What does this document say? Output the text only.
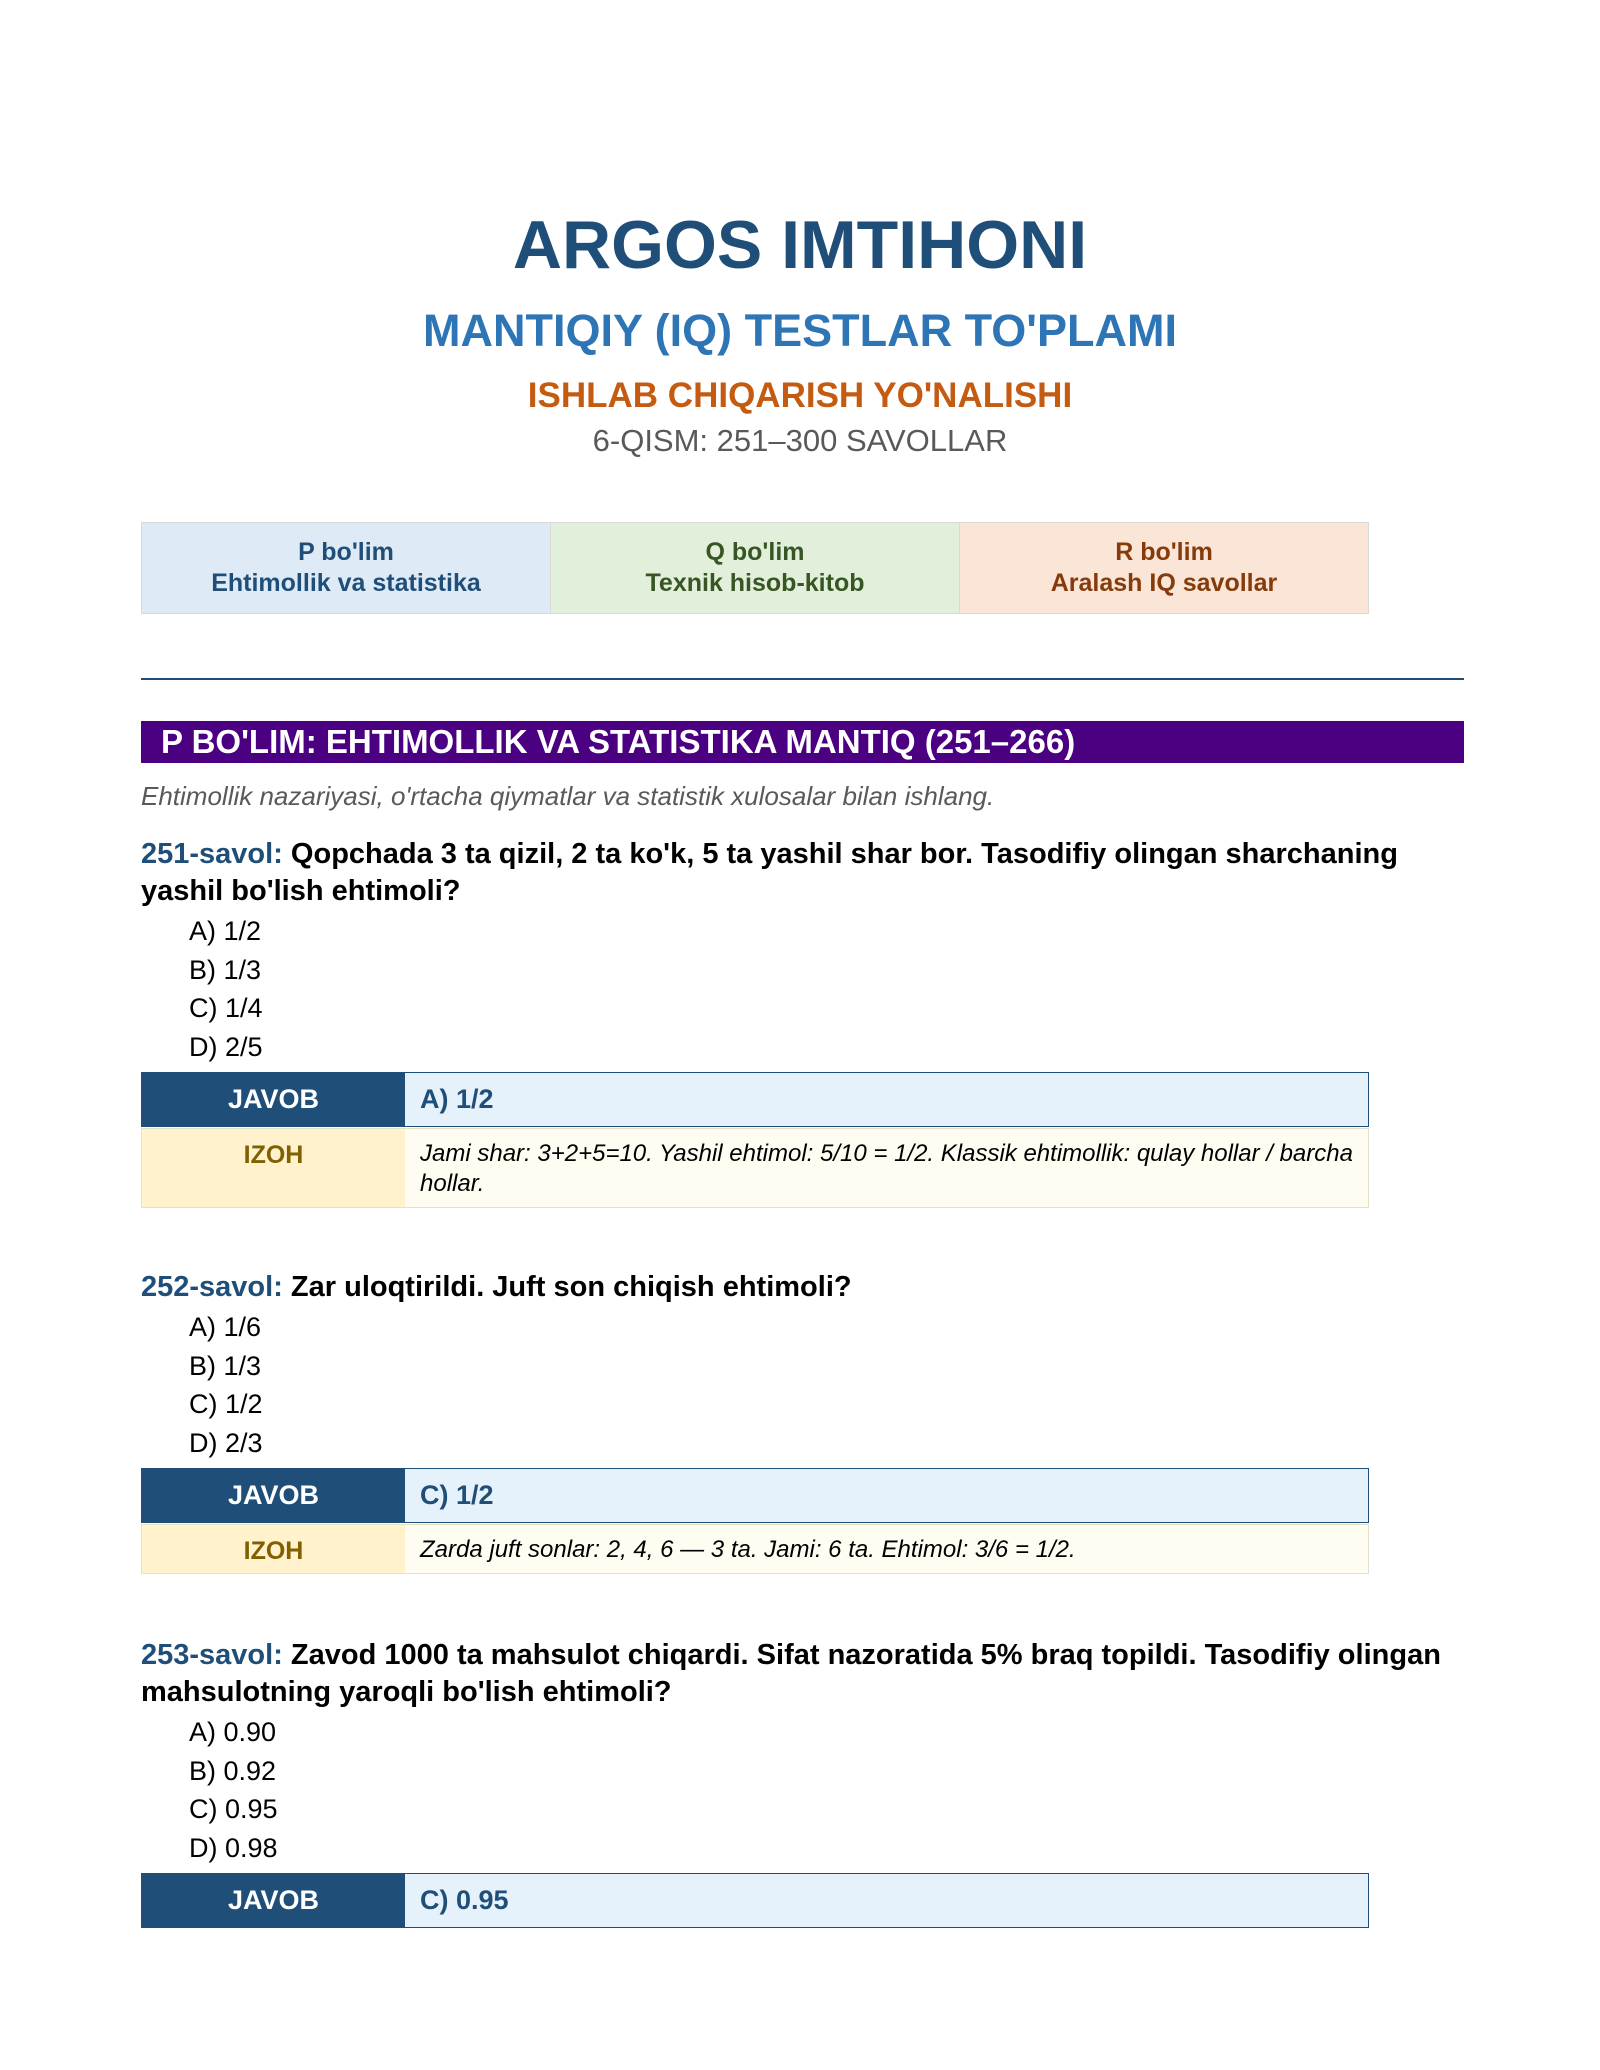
ARGOS IMTIHONI
MANTIQIY (IQ) TESTLAR TO'PLAMI
ISHLAB CHIQARISH YO'NALISHI
6-QISM: 251–300 SAVOLLAR
P bo'lim
Ehtimollik va statistika
Q bo'lim
Texnik hisob-kitob
R bo'lim
Aralash IQ savollar
P BO'LIM: EHTIMOLLIK VA STATISTIKA MANTIQ (251–266)
Ehtimollik nazariyasi, o'rtacha qiymatlar va statistik xulosalar bilan ishlang.

251-savol: Qopchada 3 ta qizil, 2 ta ko'k, 5 ta yashil shar bor. Tasodifiy olingan sharchaning yashil bo'lish ehtimoli?

A) 1/2
B) 1/3
C) 1/4
D) 2/5
JAVOB	A) 1/2
IZOH	Jami shar: 3+2+5=10. Yashil ehtimol: 5/10 = 1/2. Klassik ehtimollik: qulay hollar / barcha hollar.

252-savol: Zar uloqtirildi. Juft son chiqish ehtimoli?

A) 1/6
B) 1/3
C) 1/2
D) 2/3
JAVOB	C) 1/2
IZOH	Zarda juft sonlar: 2, 4, 6 — 3 ta. Jami: 6 ta. Ehtimol: 3/6 = 1/2.

253-savol: Zavod 1000 ta mahsulot chiqardi. Sifat nazoratida 5% braq topildi. Tasodifiy olingan mahsulotning yaroqli bo'lish ehtimoli?

A) 0.90
B) 0.92
C) 0.95
D) 0.98
JAVOB	C) 0.95
